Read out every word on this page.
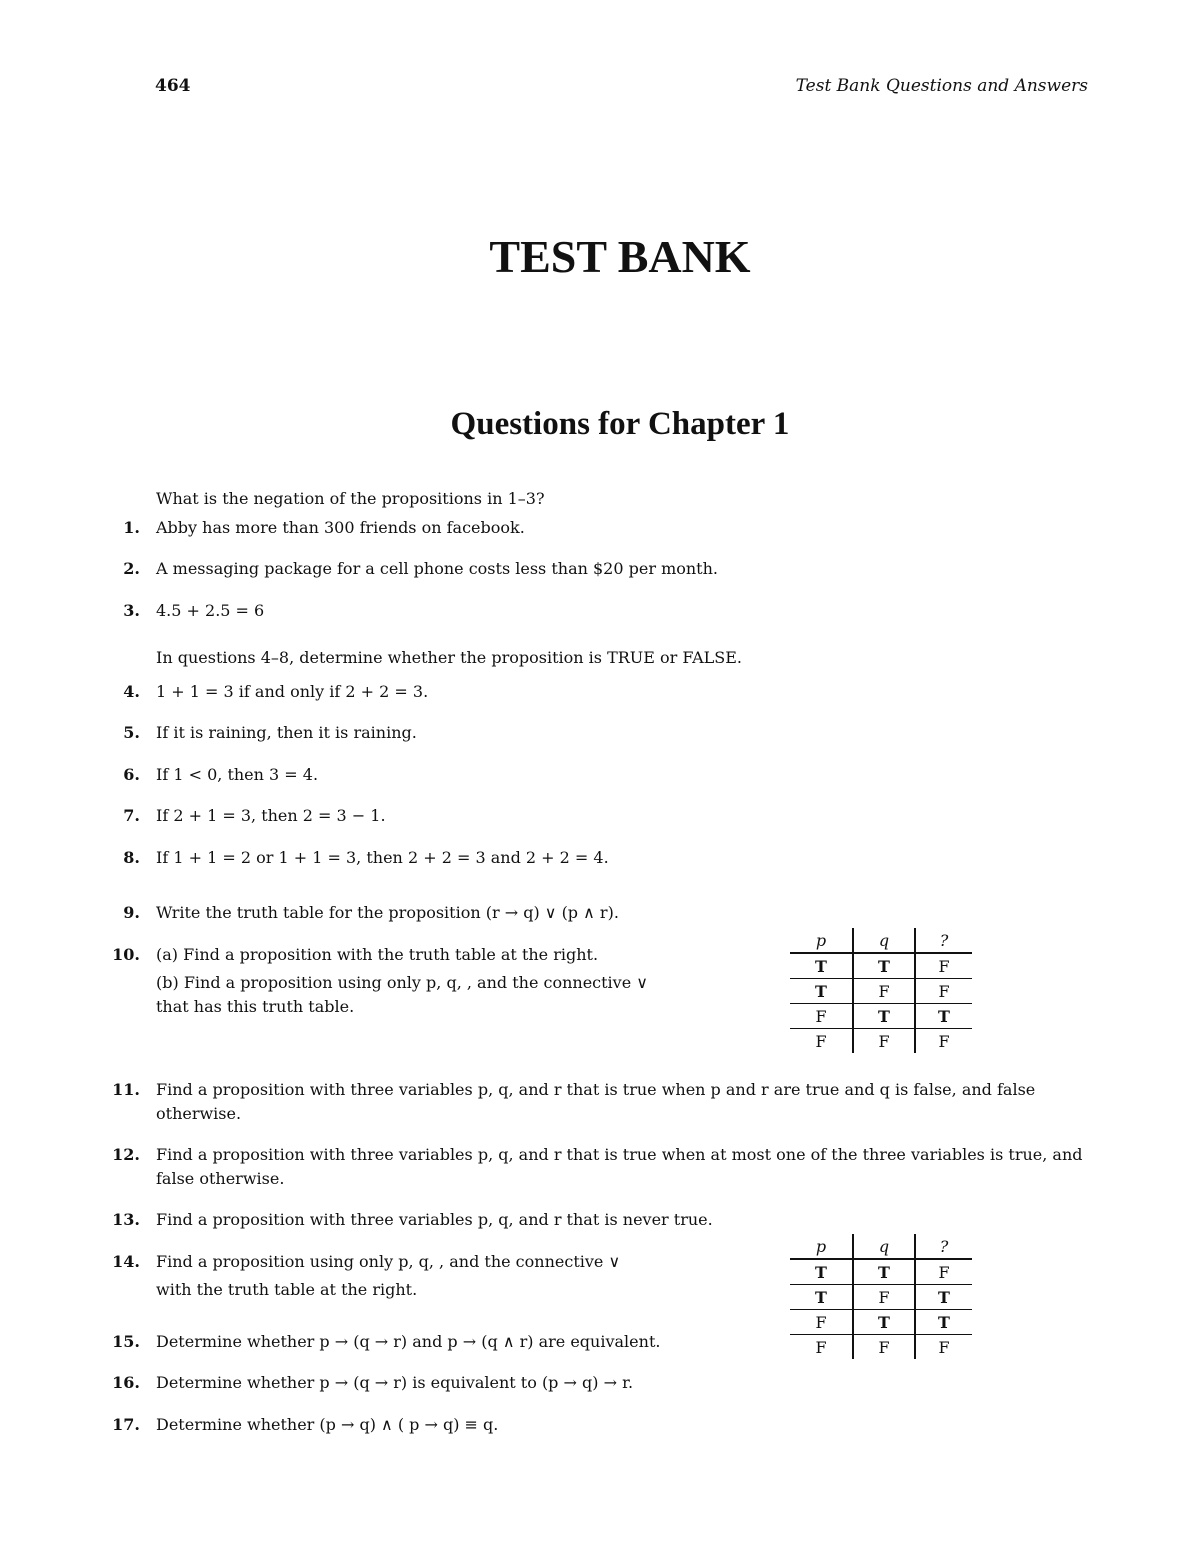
464	Test Bank Questions and Answers
TEST BANK
Questions for Chapter 1
What is the negation of the propositions in 1–3?
1. Abby has more than 300 friends on facebook.
2. A messaging package for a cell phone costs less than $20 per month.
3. 4.5 + 2.5 = 6
In questions 4–8, determine whether the proposition is TRUE or FALSE.
4. 1 + 1 = 3 if and only if 2 + 2 = 3.
5. If it is raining, then it is raining.
6. If 1 < 0, then 3 = 4.
7. If 2 + 1 = 3, then 2 = 3 − 1.
8. If 1 + 1 = 2 or 1 + 1 = 3, then 2 + 2 = 3 and 2 + 2 = 4.
9. Write the truth table for the proposition (r → q) ∨ (p ∧ r).
10. (a) Find a proposition with the truth table at the right.
(b) Find a proposition using only p, q, , and the connective ∨
that has this truth table.
p	q	?
T	T	F
T	F	F
F	T	T
F	F	F
11. Find a proposition with three variables p, q, and r that is true when p and r are true and q is false, and false otherwise.
12. Find a proposition with three variables p, q, and r that is true when at most one of the three variables is true, and false otherwise.
13. Find a proposition with three variables p, q, and r that is never true.
14. Find a proposition using only p, q, , and the connective ∨
with the truth table at the right.
p	q	?
T	T	F
T	F	T
F	T	T
F	F	F
15. Determine whether p → (q → r) and p → (q ∧ r) are equivalent.
16. Determine whether p → (q → r) is equivalent to (p → q) → r.
17. Determine whether (p → q) ∧ ( p → q) ≡ q.
